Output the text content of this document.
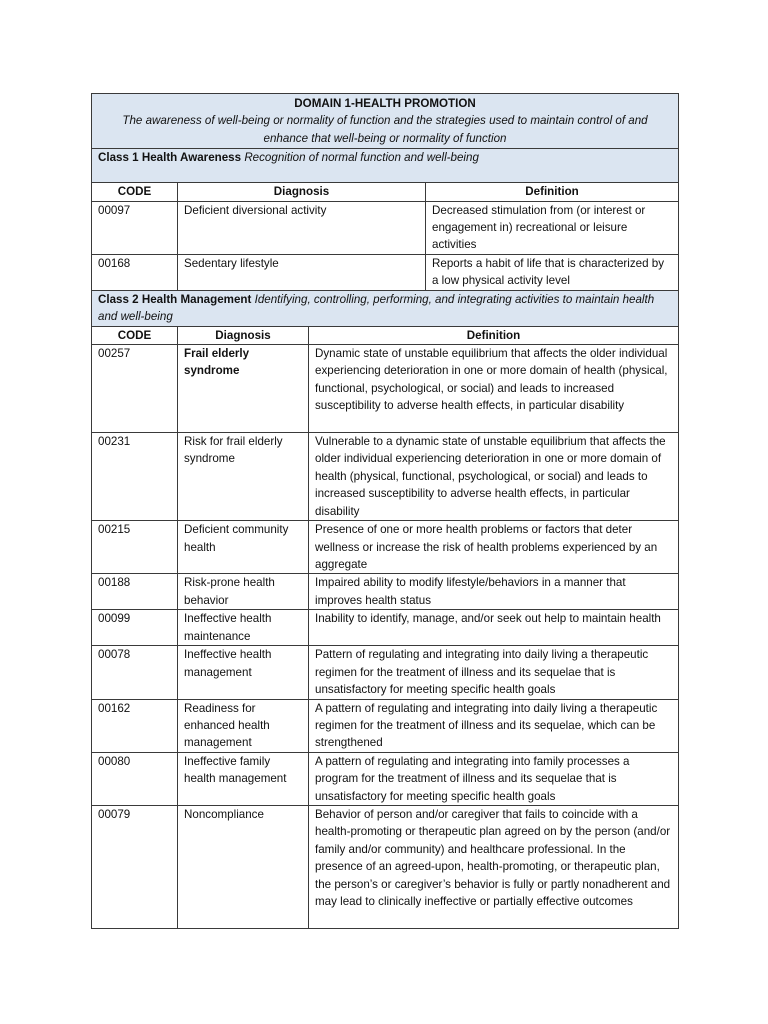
DOMAIN 1-HEALTH PROMOTION
The awareness of well-being or normality of function and the strategies used to maintain control of and enhance that well-being or normality of function		

Class 1 Health Awareness Recognition of normal function and well-being		
CODE	Diagnosis	Definition
00097	Deficient diversional activity	Decreased stimulation from (or interest or engagement in) recreational or leisure activities
00168	Sedentary lifestyle	Reports a habit of life that is characterized by a low physical activity level
Class 2 Health Management Identifying, controlling, performing, and integrating activities to maintain health and well-being		
CODE	Diagnosis	Definition
00257	Frail elderly syndrome	Dynamic state of unstable equilibrium that affects the older individual experiencing deterioration in one or more domain of health (physical, functional, psychological, or social) and leads to increased susceptibility to adverse health effects, in particular disability
00231	Risk for frail elderly syndrome	Vulnerable to a dynamic state of unstable equilibrium that affects the older individual experiencing deterioration in one or more domain of health (physical, functional, psychological, or social) and leads to increased susceptibility to adverse health effects, in particular disability
00215	Deficient community health	Presence of one or more health problems or factors that deter wellness or increase the risk of health problems experienced by an aggregate
00188	Risk-prone health behavior	Impaired ability to modify lifestyle/behaviors in a manner that improves health status
00099	Ineffective health maintenance	Inability to identify, manage, and/or seek out help to maintain health
00078	Ineffective health management	Pattern of regulating and integrating into daily living a therapeutic regimen for the treatment of illness and its sequelae that is unsatisfactory for meeting specific health goals
00162	Readiness for enhanced health management	A pattern of regulating and integrating into daily living a therapeutic regimen for the treatment of illness and its sequelae, which can be strengthened
00080	Ineffective family health management	A pattern of regulating and integrating into family processes a program for the treatment of illness and its sequelae that is unsatisfactory for meeting specific health goals
00079	Noncompliance	Behavior of person and/or caregiver that fails to coincide with a health-promoting or therapeutic plan agreed on by the person (and/or family and/or community) and healthcare professional. In the presence of an agreed-upon, health-promoting, or therapeutic plan, the person’s or caregiver’s behavior is fully or partly nonadherent and may lead to clinically ineffective or partially effective outcomes
